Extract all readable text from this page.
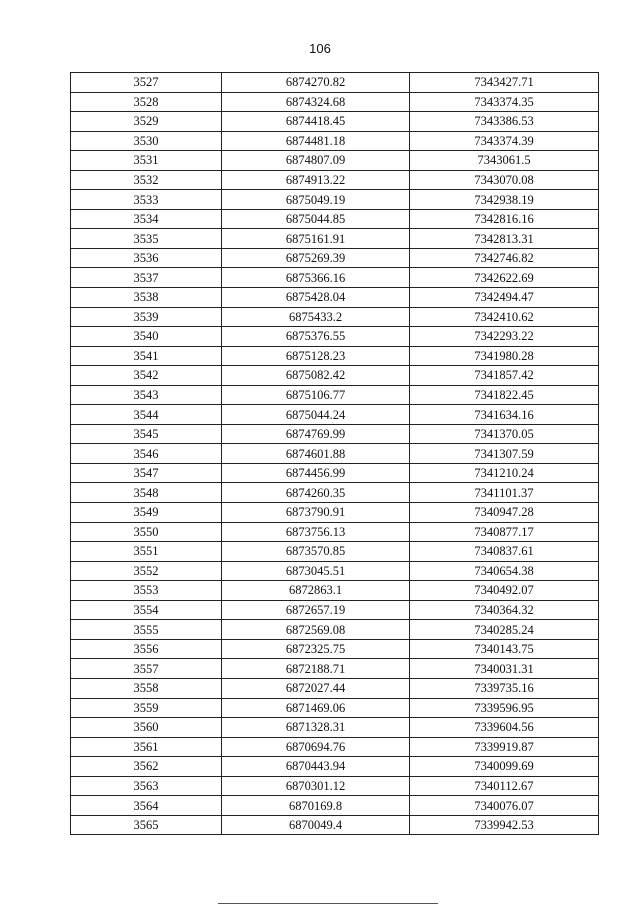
106
3527	6874270.82	7343427.71
3528	6874324.68	7343374.35
3529	6874418.45	7343386.53
3530	6874481.18	7343374.39
3531	6874807.09	7343061.5
3532	6874913.22	7343070.08
3533	6875049.19	7342938.19
3534	6875044.85	7342816.16
3535	6875161.91	7342813.31
3536	6875269.39	7342746.82
3537	6875366.16	7342622.69
3538	6875428.04	7342494.47
3539	6875433.2	7342410.62
3540	6875376.55	7342293.22
3541	6875128.23	7341980.28
3542	6875082.42	7341857.42
3543	6875106.77	7341822.45
3544	6875044.24	7341634.16
3545	6874769.99	7341370.05
3546	6874601.88	7341307.59
3547	6874456.99	7341210.24
3548	6874260.35	7341101.37
3549	6873790.91	7340947.28
3550	6873756.13	7340877.17
3551	6873570.85	7340837.61
3552	6873045.51	7340654.38
3553	6872863.1	7340492.07
3554	6872657.19	7340364.32
3555	6872569.08	7340285.24
3556	6872325.75	7340143.75
3557	6872188.71	7340031.31
3558	6872027.44	7339735.16
3559	6871469.06	7339596.95
3560	6871328.31	7339604.56
3561	6870694.76	7339919.87
3562	6870443.94	7340099.69
3563	6870301.12	7340112.67
3564	6870169.8	7340076.07
3565	6870049.4	7339942.53
